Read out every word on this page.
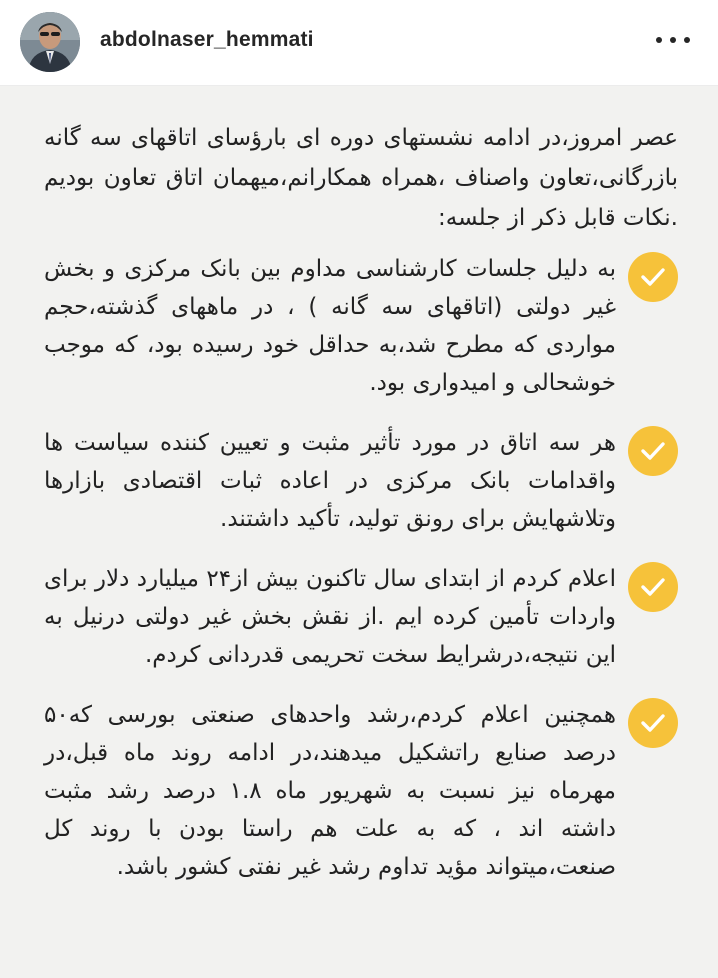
abdolnaser_hemmati

عصر امروز،در ادامه نشستهای دوره ای بارؤسای اتاقهای سه گانه بازرگانی،تعاون واصناف ،همراه همکارانم،میهمان اتاق تعاون بودیم .نکات قابل ذکر از جلسه:

به دلیل جلسات کارشناسی مداوم بین بانک مرکزی و بخش غیر دولتی (اتاقهای سه گانه ) ، در ماههای گذشته،حجم مواردی که مطرح شد،به حداقل خود رسیده بود، که موجب خوشحالی و امیدواری بود.
هر سه اتاق در مورد تأثیر مثبت و تعیین کننده سیاست ها واقدامات بانک مرکزی در اعاده ثبات اقتصادی بازارها وتلاشهایش برای رونق تولید، تأکید داشتند.
اعلام کردم از ابتدای سال تاکنون بیش از۲۴ میلیارد دلار برای واردات تأمین کرده ایم .از نقش بخش غیر دولتی درنیل به این نتیجه،درشرایط سخت تحریمی قدردانی کردم.
همچنین اعلام کردم،رشد واحدهای صنعتی بورسی که۵۰ درصد صنایع راتشکیل میدهند،در ادامه روند ماه قبل،در مهرماه نیز نسبت به شهریور ماه ۱.۸ درصد رشد مثبت داشته اند ، که به علت هم راستا بودن با روند کل صنعت،میتواند مؤید تداوم رشد غیر نفتی کشور باشد.
